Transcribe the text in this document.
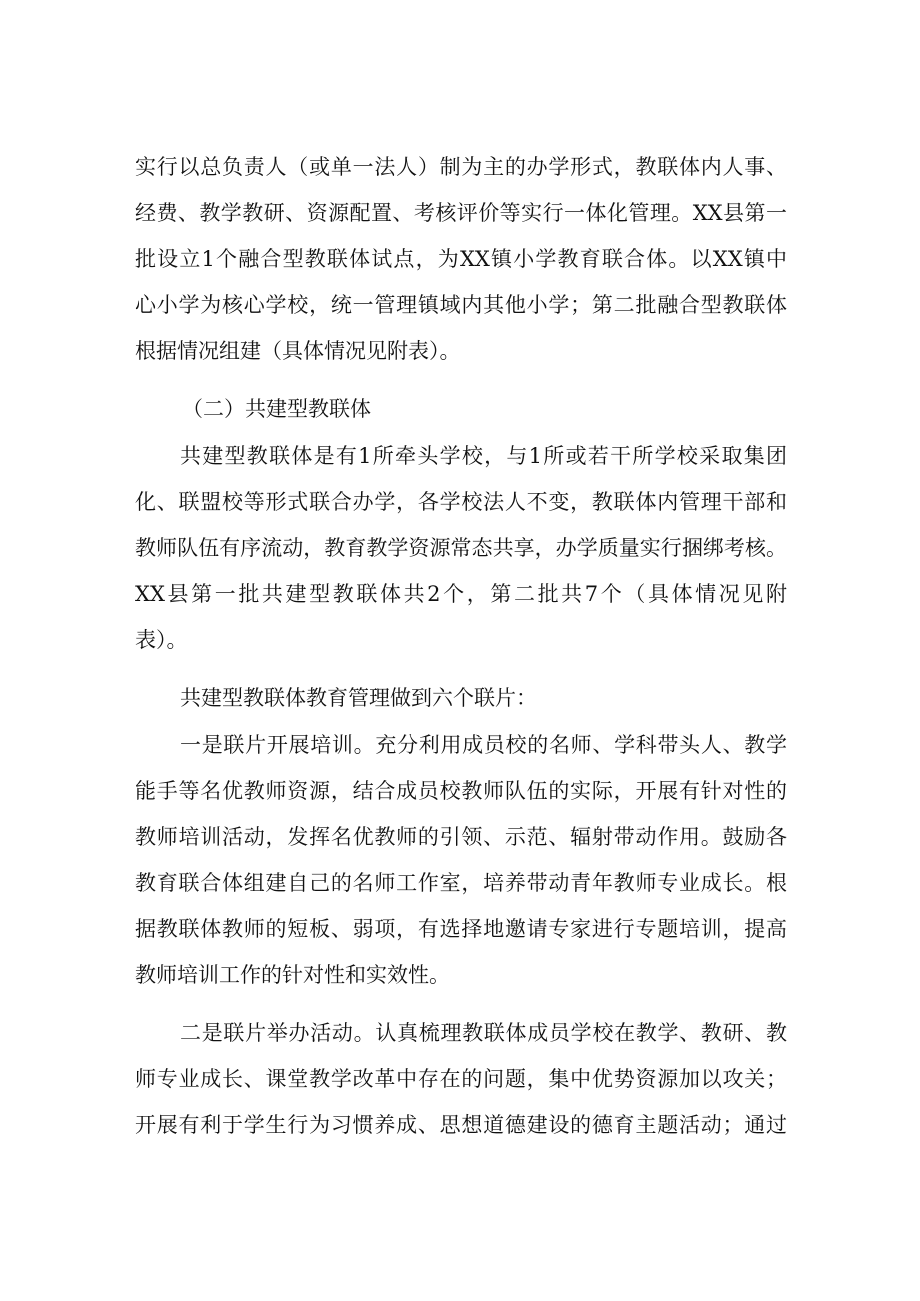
实行以总负责人（或单一法人）制为主的办学形式，教联体内人事、
经费、教学教研、资源配置、考核评价等实行一体化管理。XX县第一
批设立1个融合型教联体试点，为XX镇小学教育联合体。以XX镇中
心小学为核心学校，统一管理镇域内其他小学；第二批融合型教联体
根据情况组建（具体情况见附表）。
（二）共建型教联体
共建型教联体是有1所牵头学校，与1所或若干所学校采取集团
化、联盟校等形式联合办学，各学校法人不变，教联体内管理干部和
教师队伍有序流动，教育教学资源常态共享，办学质量实行捆绑考核。
XX县第一批共建型教联体共2个，第二批共7个（具体情况见附
表）。
共建型教联体教育管理做到六个联片：
一是联片开展培训。充分利用成员校的名师、学科带头人、教学
能手等名优教师资源，结合成员校教师队伍的实际，开展有针对性的
教师培训活动，发挥名优教师的引领、示范、辐射带动作用。鼓励各
教育联合体组建自己的名师工作室，培养带动青年教师专业成长。根
据教联体教师的短板、弱项，有选择地邀请专家进行专题培训，提高
教师培训工作的针对性和实效性。
二是联片举办活动。认真梳理教联体成员学校在教学、教研、教
师专业成长、课堂教学改革中存在的问题，集中优势资源加以攻关；
开展有利于学生行为习惯养成、思想道德建设的德育主题活动；通过
